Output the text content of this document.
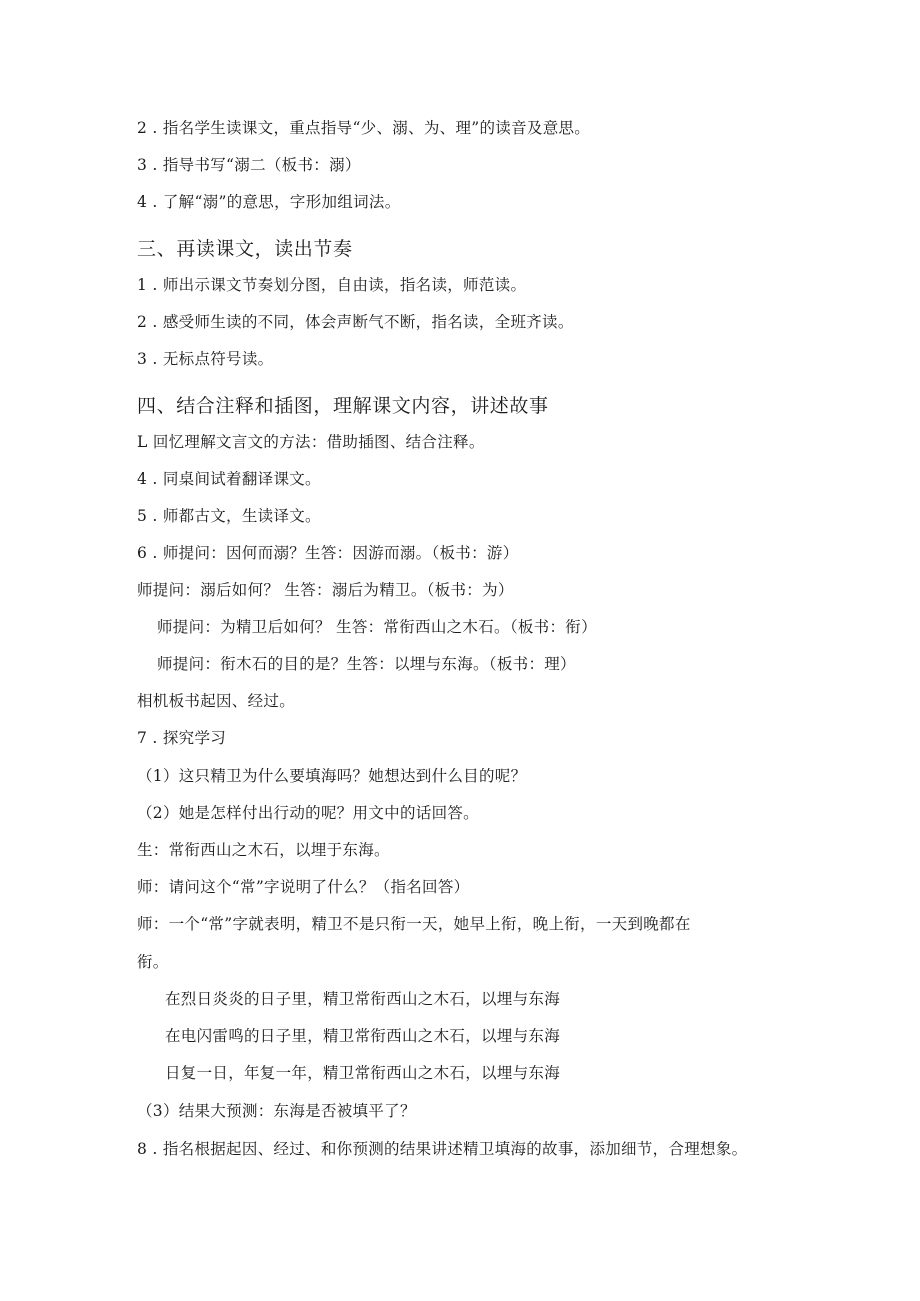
2 . 指名学生读课文，重点指导“少、溺、为、理”的读音及意思。
3 . 指导书写“溺二（板书：溺）
4 . 了解“溺”的意思，字形加组词法。
三、再读课文，读出节奏
1 . 师出示课文节奏划分图，自由读，指名读，师范读。
2 . 感受师生读的不同，体会声断气不断，指名读，全班齐读。
3 . 无标点符号读。
四、结合注释和插图，理解课文内容，讲述故事
L 回忆理解文言文的方法：借助插图、结合注释。
4 . 同桌间试着翻译课文。
5 . 师都古文，生读译文。
6 . 师提问：因何而溺？生答：因游而溺。（板书：游）
师提问：溺后如何？ 生答：溺后为精卫。（板书：为）
师提问：为精卫后如何？ 生答：常衔西山之木石。（板书：衔）
师提问：衔木石的目的是？生答：以埋与东海。（板书：理）
相机板书起因、经过。
7 . 探究学习
（1）这只精卫为什么要填海吗？她想达到什么目的呢？
（2）她是怎样付出行动的呢？用文中的话回答。
生：常衔西山之木石，以埋于东海。
师：请问这个“常”字说明了什么？（指名回答）
师：一个“常”字就表明，精卫不是只衔一天，她早上衔，晚上衔，一天到晚都在
衔。
在烈日炎炎的日子里，精卫常衔西山之木石，以埋与东海
在电闪雷鸣的日子里，精卫常衔西山之木石，以埋与东海
日复一日，年复一年，精卫常衔西山之木石，以埋与东海
（3）结果大预测：东海是否被填平了？
8 . 指名根据起因、经过、和你预测的结果讲述精卫填海的故事，添加细节，合理想象。
